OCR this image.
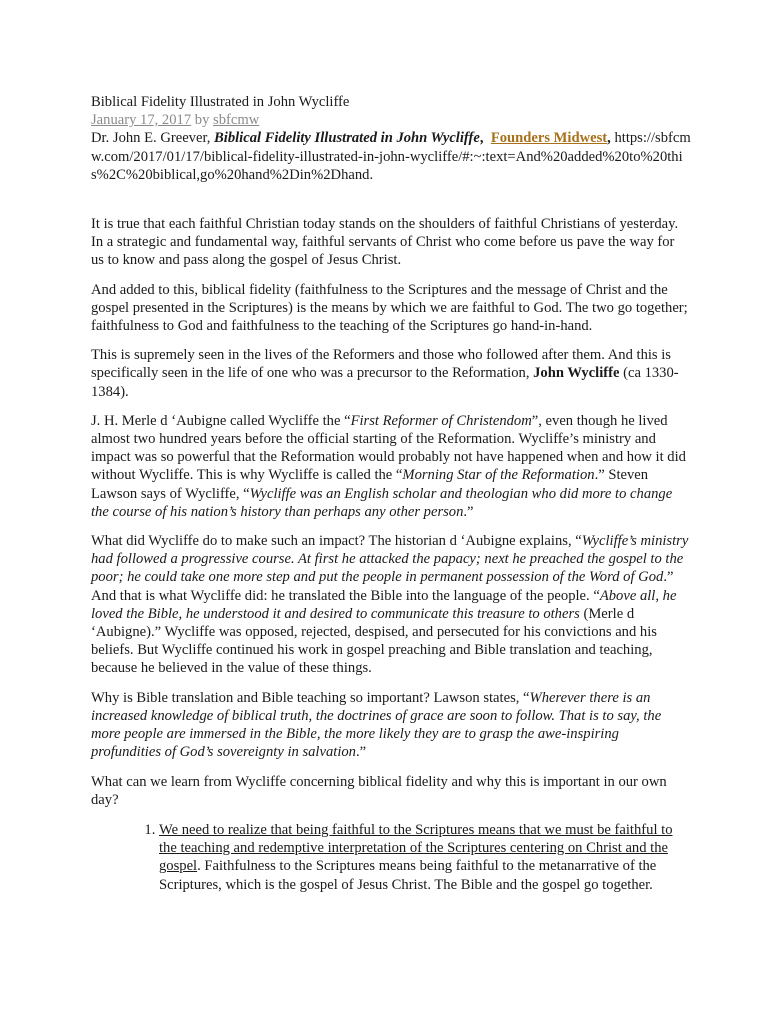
Biblical Fidelity Illustrated in John Wycliffe

January 17, 2017 by sbfcmw

Dr. John E. Greever, Biblical Fidelity Illustrated in John Wycliffe, Founders Midwest, https://sbfcmw.com/2017/01/17/biblical-fidelity-illustrated-in-john-wycliffe/#:~:text=And%20added%20to%20this%2C%20biblical,go%20hand%2Din%2Dhand.

It is true that each faithful Christian today stands on the shoulders of faithful Christians of yesterday. In a strategic and fundamental way, faithful servants of Christ who come before us pave the way for us to know and pass along the gospel of Jesus Christ.

And added to this, biblical fidelity (faithfulness to the Scriptures and the message of Christ and the gospel presented in the Scriptures) is the means by which we are faithful to God. The two go together; faithfulness to God and faithfulness to the teaching of the Scriptures go hand-in-hand.

This is supremely seen in the lives of the Reformers and those who followed after them. And this is specifically seen in the life of one who was a precursor to the Reformation, John Wycliffe (ca 1330-1384).

J. H. Merle d ‘Aubigne called Wycliffe the “First Reformer of Christendom”, even though he lived almost two hundred years before the official starting of the Reformation. Wycliffe’s ministry and impact was so powerful that the Reformation would probably not have happened when and how it did without Wycliffe. This is why Wycliffe is called the “Morning Star of the Reformation.” Steven Lawson says of Wycliffe, “Wycliffe was an English scholar and theologian who did more to change the course of his nation’s history than perhaps any other person.”

What did Wycliffe do to make such an impact? The historian d ‘Aubigne explains, “Wycliffe’s ministry had followed a progressive course. At first he attacked the papacy; next he preached the gospel to the poor; he could take one more step and put the people in permanent possession of the Word of God.” And that is what Wycliffe did: he translated the Bible into the language of the people. “Above all, he loved the Bible, he understood it and desired to communicate this treasure to others (Merle d ‘Aubigne).” Wycliffe was opposed, rejected, despised, and persecuted for his convictions and his beliefs. But Wycliffe continued his work in gospel preaching and Bible translation and teaching, because he believed in the value of these things.

Why is Bible translation and Bible teaching so important? Lawson states, “Wherever there is an increased knowledge of biblical truth, the doctrines of grace are soon to follow. That is to say, the more people are immersed in the Bible, the more likely they are to grasp the awe-inspiring profundities of God’s sovereignty in salvation.”

What can we learn from Wycliffe concerning biblical fidelity and why this is important in our own day?

1. We need to realize that being faithful to the Scriptures means that we must be faithful to the teaching and redemptive interpretation of the Scriptures centering on Christ and the gospel. Faithfulness to the Scriptures means being faithful to the metanarrative of the Scriptures, which is the gospel of Jesus Christ. The Bible and the gospel go together.
